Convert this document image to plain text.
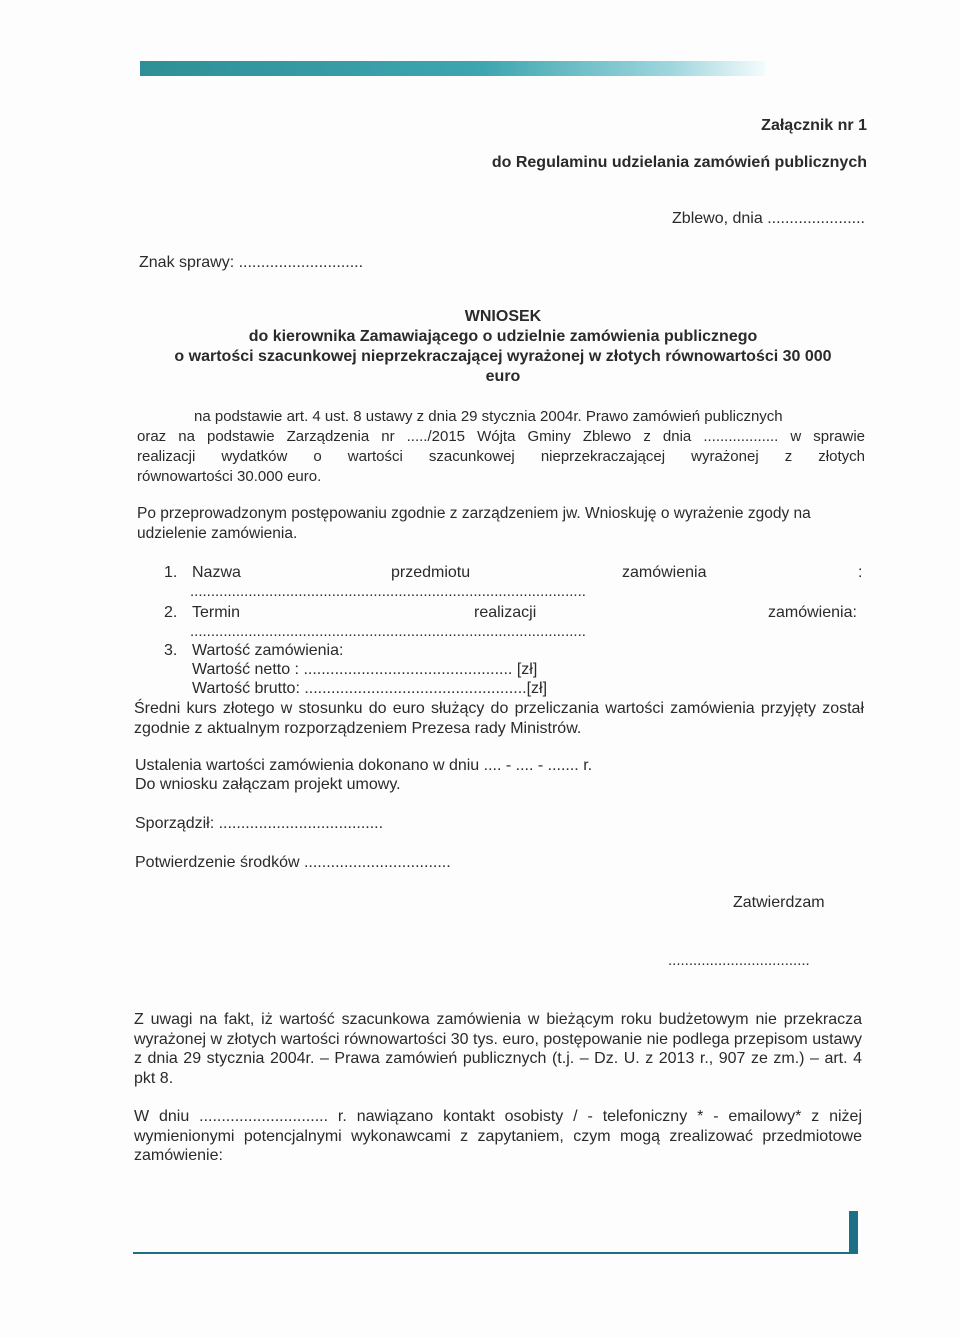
Załącznik nr 1
do Regulaminu udzielania zamówień publicznych
Zblewo, dnia ......................
Znak sprawy: ............................

WNIOSEK

do kierownika Zamawiającego o udzielnie zamówienia publicznego

o wartości szacunkowej nieprzekraczającej wyrażonej w złotych równowartości 30 000

euro

na podstawie art. 4 ust. 8 ustawy z dnia 29 stycznia 2004r. Prawo zamówień publicznych

oraz na podstawie Zarządzenia nr ...../2015 Wójta Gminy Zblewo z dnia .................. w sprawie

realizacji wydatków o wartości szacunkowej nieprzekraczającej wyrażonej z złotych

równowartości 30.000 euro.

Po przeprowadzonym postępowaniu zgodnie z zarządzeniem jw. Wnioskuję o wyrażenie zgody na udzielenie zamówienia.
1. Nazwa	przedmiotu	zamówienia	:
...............................................................................................
2. Termin	realizacji	zamówienia:
...............................................................................................
3. Wartość zamówienia:
Wartość netto : ............................................... [zł]
Wartość brutto: ..................................................[zł]
Średni kurs złotego w stosunku do euro służący do przeliczania wartości zamówienia przyjęty został zgodnie z aktualnym rozporządzeniem Prezesa rady Ministrów.
Ustalenia wartości zamówienia dokonano w dniu .... - .... - ....... r.
Do wniosku załączam projekt umowy.
Sporządził: .....................................
Potwierdzenie środków .................................
Zatwierdzam
..................................
Z uwagi na fakt, iż wartość szacunkowa zamówienia w bieżącym roku budżetowym nie przekracza wyrażonej w złotych wartości równowartości 30 tys. euro, postępowanie nie podlega przepisom ustawy z dnia 29 stycznia 2004r. – Prawa zamówień publicznych (t.j. – Dz. U. z 2013 r., 907 ze zm.) – art. 4 pkt 8.
W dniu ............................. r. nawiązano kontakt osobisty / - telefoniczny * - emailowy* z niżej wymienionymi potencjalnymi wykonawcami z zapytaniem, czym mogą zrealizować przedmiotowe zamówienie:
